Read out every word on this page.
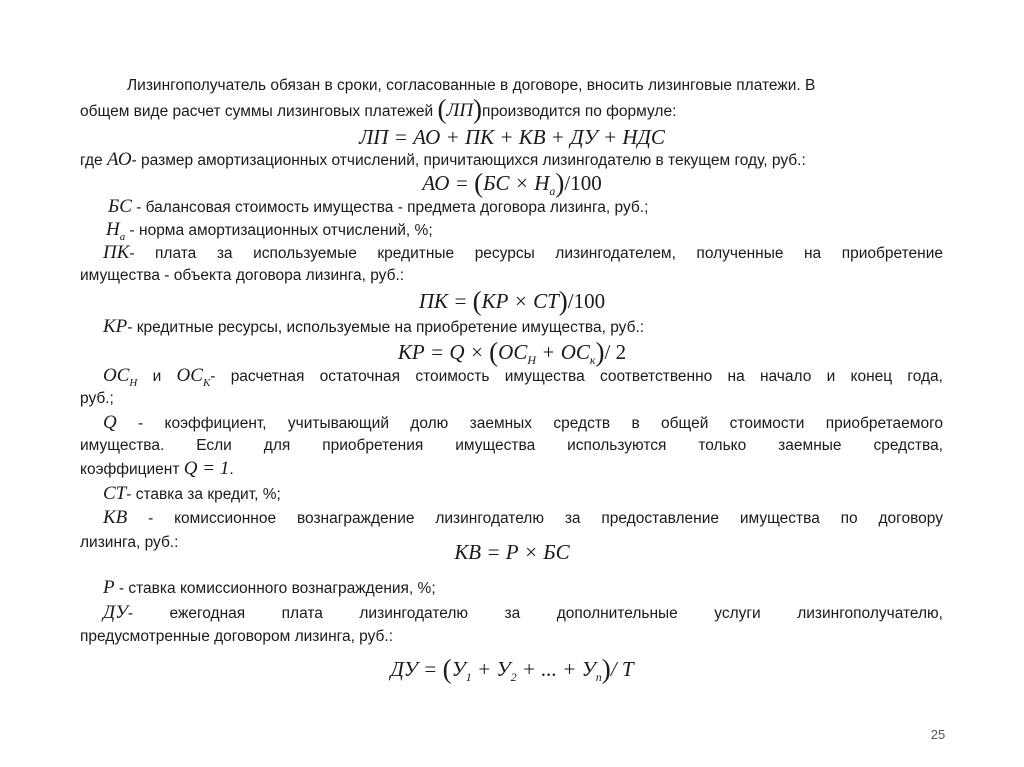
Лизингополучатель обязан в сроки, согласованные в договоре, вносить лизинговые платежи. В
общем виде расчет суммы лизинговых платежей (ЛП)производится по формуле:
ЛП = АО + ПК + КВ + ДУ + НДС
где АО- размер амортизационных отчислений, причитающихся лизингодателю в текущем году, руб.:
АО = $(БС \times Н_а)/100$
БС - балансовая стоимость имущества - предмета договора лизинга, руб.;
$Н_а$ - норма амортизационных отчислений, %;
ПК- плата за используемые кредитные ресурсы лизингодателем, полученные на приобретение
имущества - объекта договора лизинга, руб.:
ПК = (КР × СТ)/100
КР- кредитные ресурсы, используемые на приобретение имущества, руб.:
КР = $Q \times (ОС_Н + ОС_к)/$ 2
$ОС_Н$ и $ОС_К-$ расчетная остаточная стоимость имущества соответственно на начало и конец года,
руб.;
Q - коэффициент, учитывающий долю заемных средств в общей стоимости приобретаемого
имущества. Если для приобретения имущества используются только заемные средства,
коэффициент Q = 1.
СТ- ставка за кредит, %;
КВ - комиссионное вознаграждение лизингодателю за предоставление имущества по договору
лизинга, руб.:	КВ = Р × БС
Р - ставка комиссионного вознаграждения, %;
ДУ- ежегодная плата лизингодателю за дополнительные услуги лизингополучателю,
предусмотренные договором лизинга, руб.:
ДУ = ($У_1 + У_2$ + ... + $У_n)/$ Т
25
